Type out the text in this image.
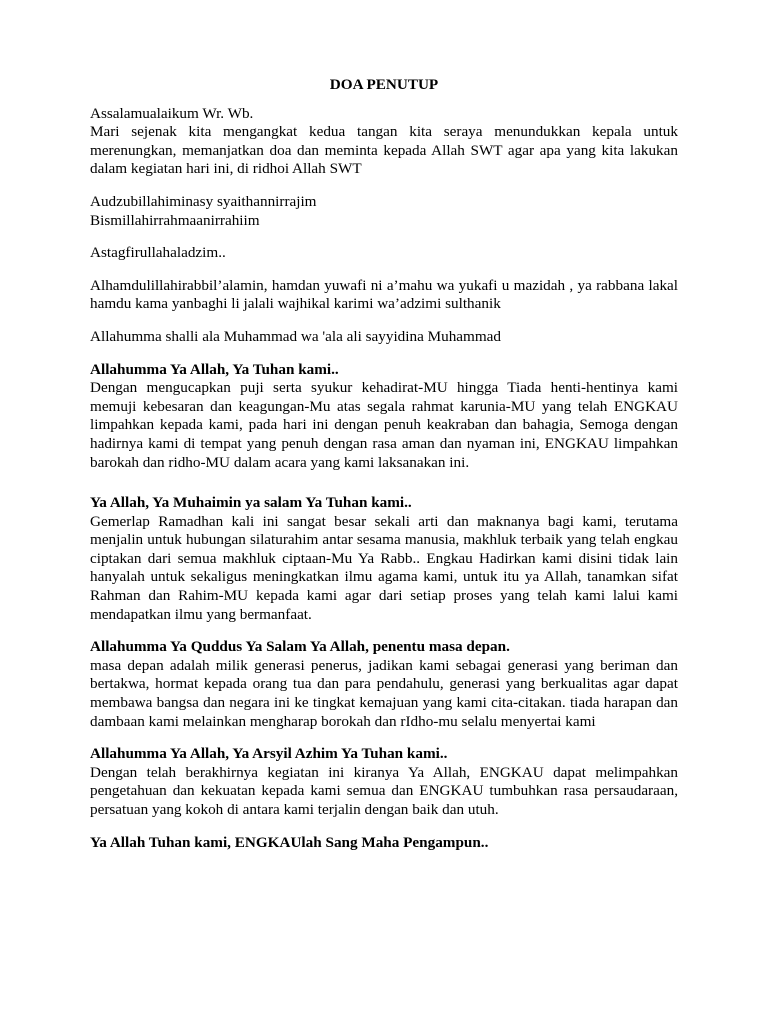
DOA PENUTUP

Assalamualaikum Wr. Wb.

Mari sejenak kita mengangkat kedua tangan kita seraya menundukkan kepala untuk merenungkan, memanjatkan doa dan meminta kepada Allah SWT agar apa yang kita lakukan dalam kegiatan hari ini, di ridhoi Allah SWT

Audzubillahiminasy syaithannirrajim

Bismillahirrahmaanirrahiim

Astagfirullahaladzim..

Alhamdulillahirabbil’alamin, hamdan yuwafi ni a’mahu wa yukafi u mazidah , ya rabbana lakal hamdu kama yanbaghi li jalali wajhikal karimi wa’adzimi sulthanik

Allahumma shalli ala Muhammad wa 'ala ali sayyidina Muhammad

Allahumma Ya Allah, Ya Tuhan kami..

Dengan mengucapkan puji serta syukur kehadirat-MU hingga Tiada henti-hentinya kami memuji kebesaran dan keagungan-Mu atas segala rahmat karunia-MU yang telah ENGKAU limpahkan kepada kami, pada hari ini dengan penuh keakraban dan bahagia, Semoga dengan hadirnya kami di tempat yang penuh dengan rasa aman dan nyaman ini, ENGKAU limpahkan barokah dan ridho-MU dalam acara yang kami laksanakan ini.

Ya Allah, Ya Muhaimin ya salam Ya Tuhan kami..

Gemerlap Ramadhan kali ini sangat besar sekali arti dan maknanya bagi kami, terutama menjalin untuk hubungan silaturahim antar sesama manusia, makhluk terbaik yang telah engkau ciptakan dari semua makhluk ciptaan-Mu Ya Rabb.. Engkau Hadirkan kami disini tidak lain hanyalah untuk sekaligus meningkatkan ilmu agama kami, untuk itu ya Allah, tanamkan sifat Rahman dan Rahim-MU kepada kami agar dari setiap proses yang telah kami lalui kami mendapatkan ilmu yang bermanfaat.

Allahumma Ya Quddus Ya Salam Ya Allah, penentu masa depan.

masa depan adalah milik generasi penerus, jadikan kami sebagai generasi yang beriman dan bertakwa, hormat kepada orang tua dan para pendahulu, generasi yang berkualitas agar dapat membawa bangsa dan negara ini ke tingkat kemajuan yang kami cita-citakan. tiada harapan dan dambaan kami melainkan mengharap borokah dan rIdho-mu selalu menyertai kami

Allahumma Ya Allah, Ya Arsyil Azhim Ya Tuhan kami..

Dengan telah berakhirnya kegiatan ini kiranya Ya Allah, ENGKAU dapat melimpahkan pengetahuan dan kekuatan kepada kami semua dan ENGKAU tumbuhkan rasa persaudaraan, persatuan yang kokoh di antara kami terjalin dengan baik dan utuh.

Ya Allah Tuhan kami, ENGKAUlah Sang Maha Pengampun..
